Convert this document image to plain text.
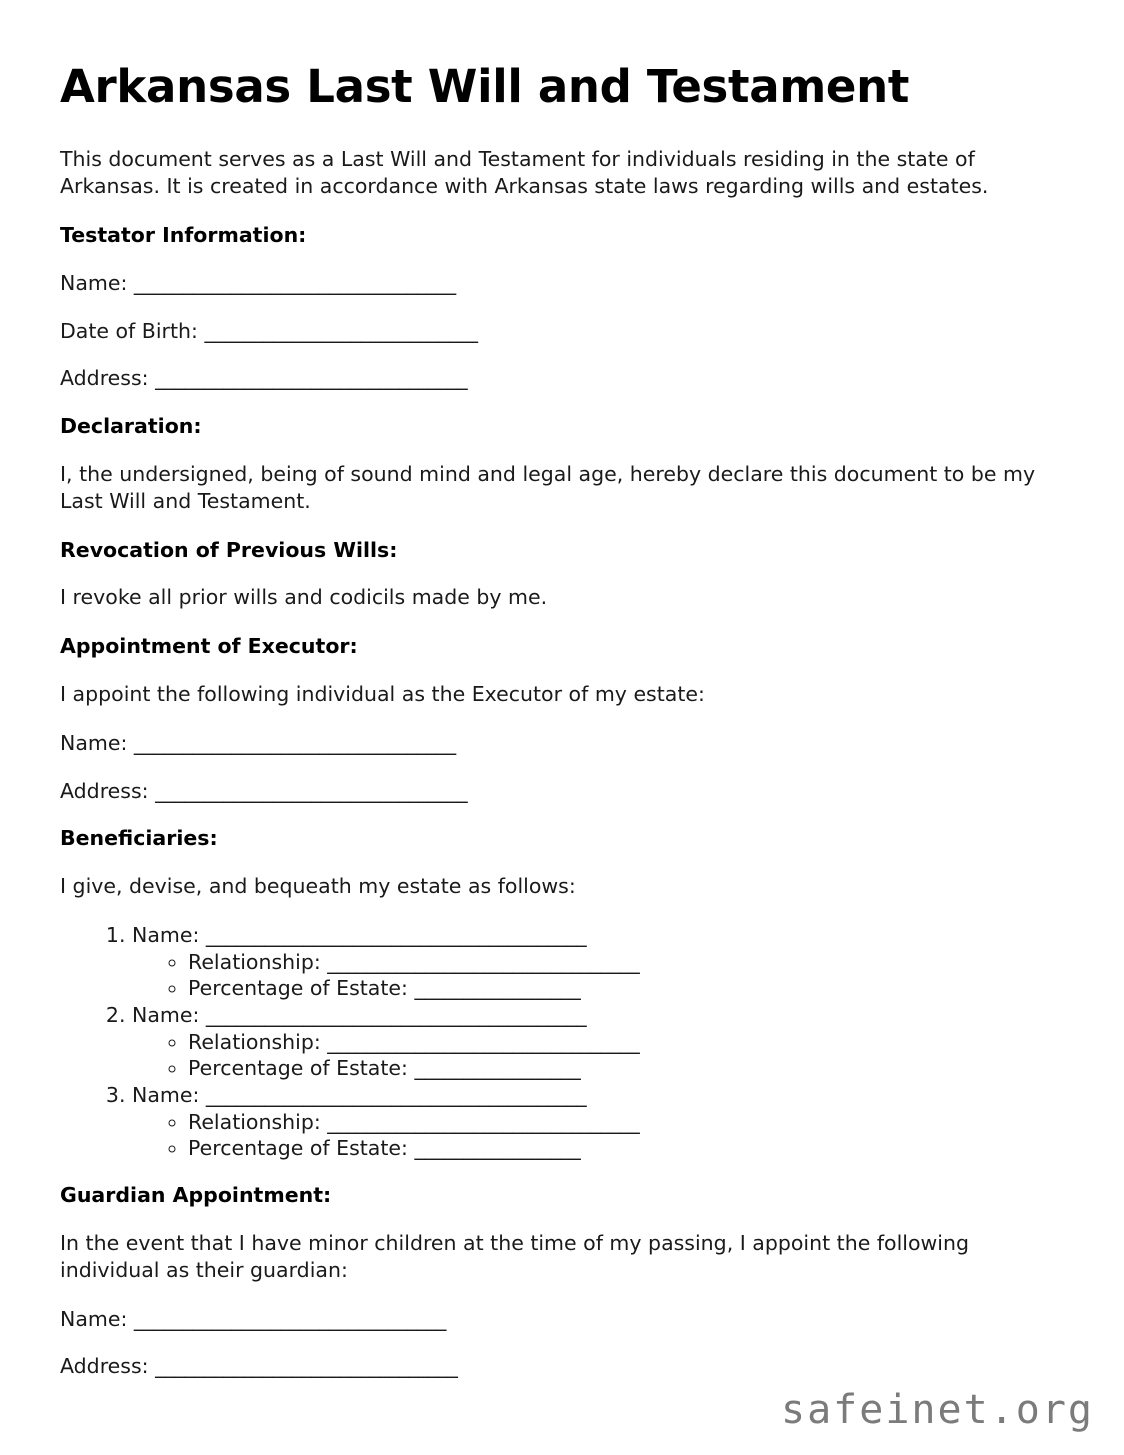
Arkansas Last Will and Testament

This document serves as a Last Will and Testament for individuals residing in the state of Arkansas. It is created in accordance with Arkansas state laws regarding wills and estates.

Testator Information:

Name: _________________________________

Date of Birth: ____________________________

Address: ________________________________

Declaration:

I, the undersigned, being of sound mind and legal age, hereby declare this document to be my Last Will and Testament.

Revocation of Previous Wills:

I revoke all prior wills and codicils made by me.

Appointment of Executor:

I appoint the following individual as the Executor of my estate:

Name: _________________________________

Address: ________________________________

Beneficiaries:

I give, devise, and bequeath my estate as follows:

1. Name: _______________________________________
◦ Relationship: ________________________________
◦ Percentage of Estate: _________________
2. Name: _______________________________________
◦ Relationship: ________________________________
◦ Percentage of Estate: _________________
3. Name: _______________________________________
◦ Relationship: ________________________________
◦ Percentage of Estate: _________________
Guardian Appointment:

In the event that I have minor children at the time of my passing, I appoint the following individual as their guardian:

Name: ________________________________

Address: _______________________________

safeinet.org
